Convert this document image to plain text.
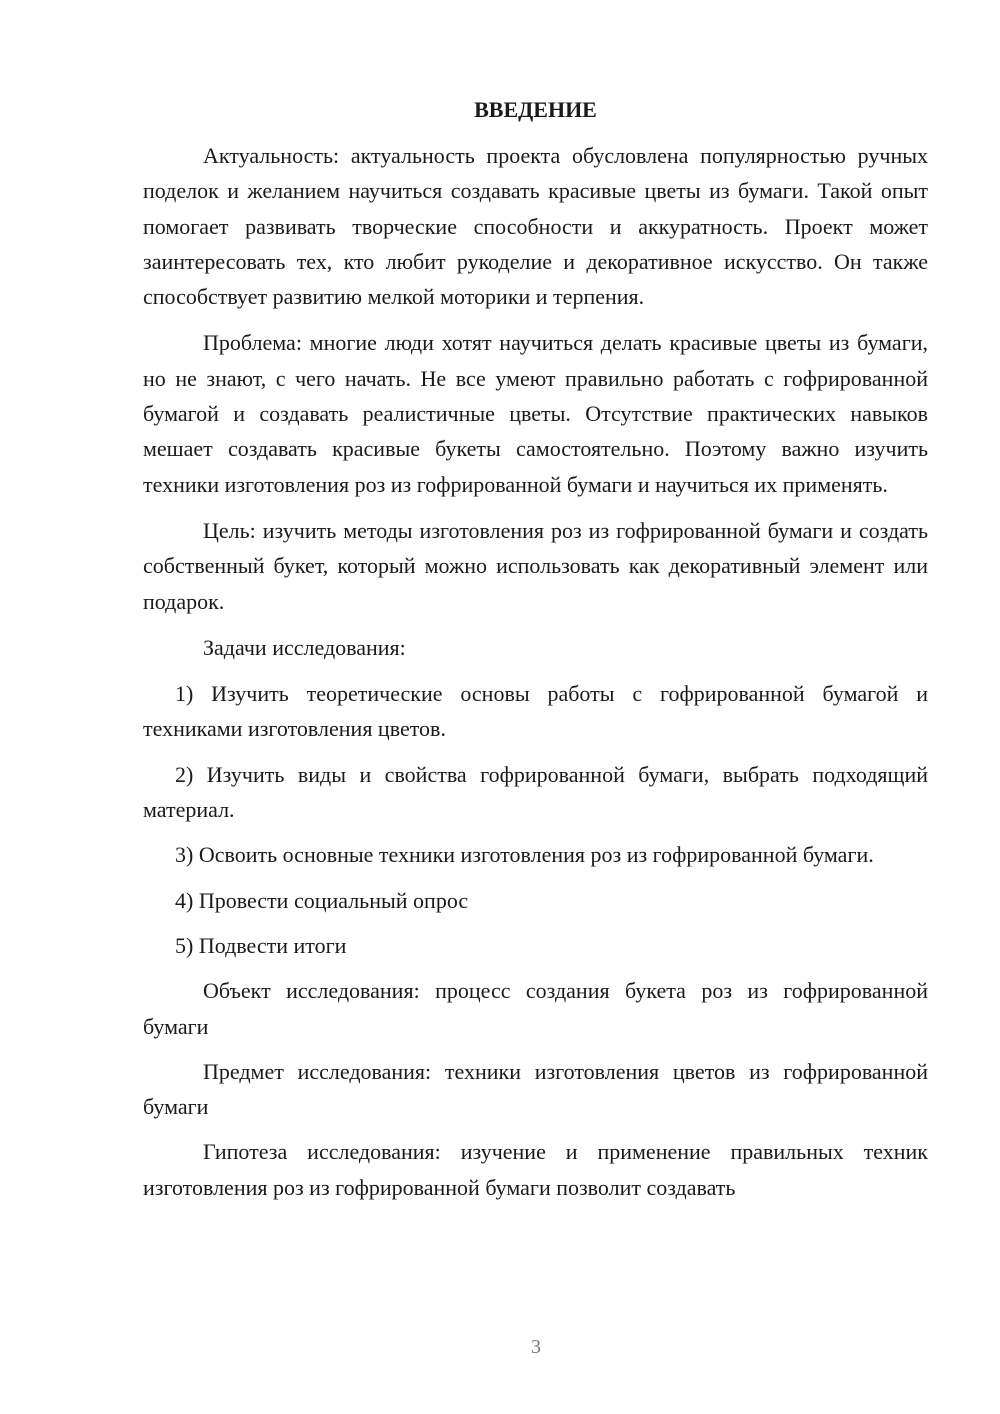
ВВЕДЕНИЕ

Актуальность: актуальность проекта обусловлена популярностью ручных поделок и желанием научиться создавать красивые цветы из бумаги. Такой опыт помогает развивать творческие способности и аккуратность. Проект может заинтересовать тех, кто любит рукоделие и декоративное искусство. Он также способствует развитию мелкой моторики и терпения.

Проблема: многие люди хотят научиться делать красивые цветы из бумаги, но не знают, с чего начать. Не все умеют правильно работать с гофрированной бумагой и создавать реалистичные цветы. Отсутствие практических навыков мешает создавать красивые букеты самостоятельно. Поэтому важно изучить техники изготовления роз из гофрированной бумаги и научиться их применять.

Цель: изучить методы изготовления роз из гофрированной бумаги и создать собственный букет, который можно использовать как декоративный элемент или подарок.

Задачи исследования:

1) Изучить теоретические основы работы с гофрированной бумагой и техниками изготовления цветов.

2) Изучить виды и свойства гофрированной бумаги, выбрать подходящий материал.

3) Освоить основные техники изготовления роз из гофрированной бумаги.

4) Провести социальный опрос

5) Подвести итоги

Объект исследования: процесс создания букета роз из гофрированной бумаги

Предмет исследования: техники изготовления цветов из гофрированной бумаги

Гипотеза исследования: изучение и применение правильных техник изготовления роз из гофрированной бумаги позволит создавать

3
